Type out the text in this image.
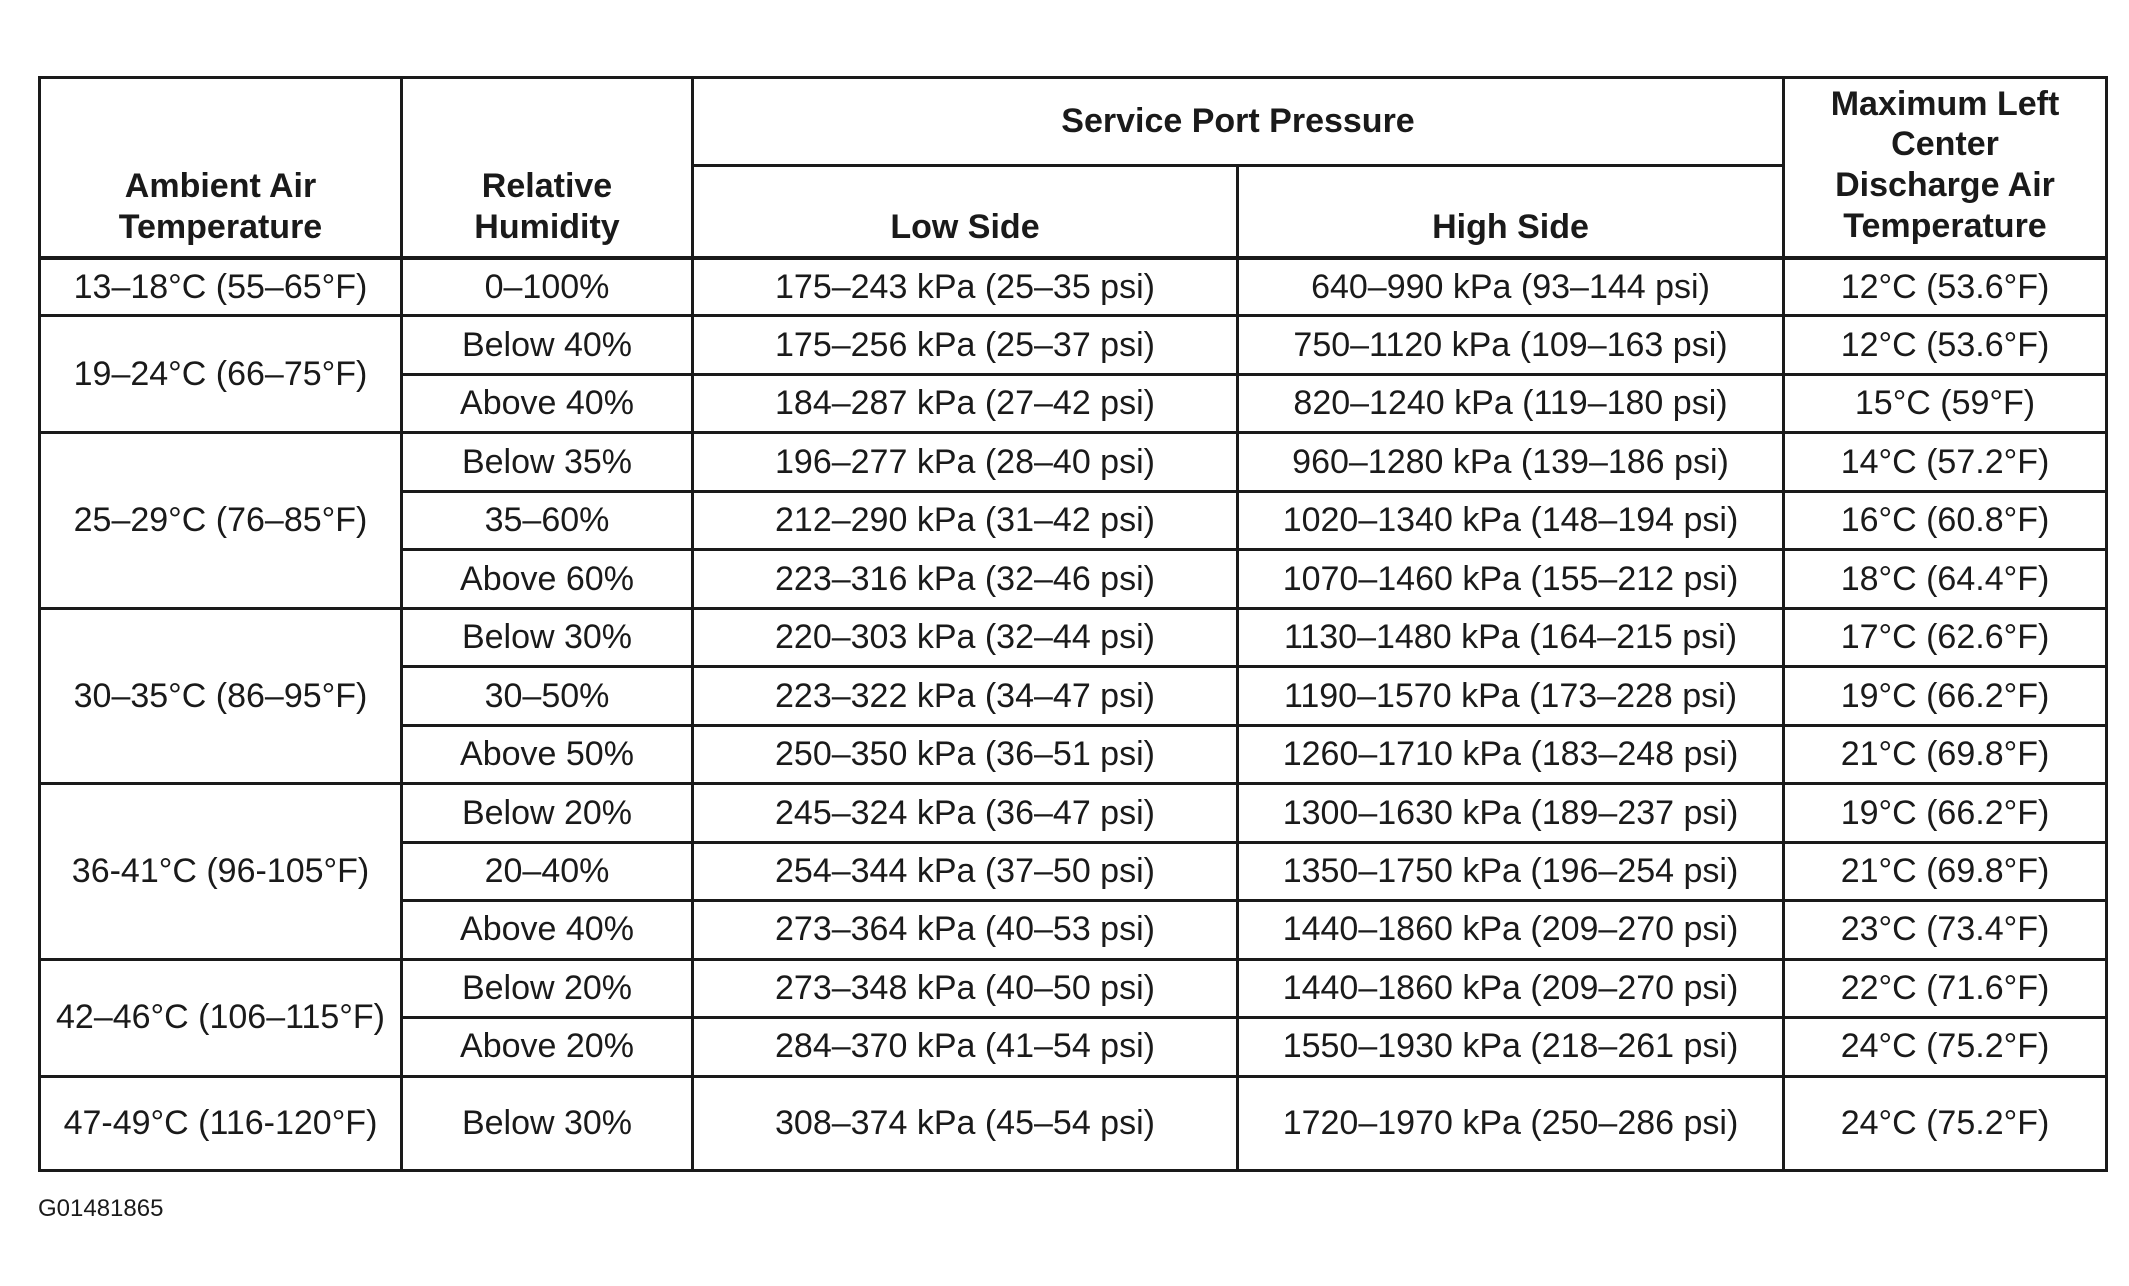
Ambient Air Temperature	Relative Humidity	Service Port Pressure		Maximum Left Center Discharge Air Temperature
		Low Side	High Side	
13–18°C (55–65°F)	0–100%	175–243 kPa (25–35 psi)	640–990 kPa (93–144 psi)	12°C (53.6°F)
19–24°C (66–75°F)	Below 40%	175–256 kPa (25–37 psi)	750–1120 kPa (109–163 psi)	12°C (53.6°F)
	Above 40%	184–287 kPa (27–42 psi)	820–1240 kPa (119–180 psi)	15°C (59°F)
25–29°C (76–85°F)	Below 35%	196–277 kPa (28–40 psi)	960–1280 kPa (139–186 psi)	14°C (57.2°F)
	35–60%	212–290 kPa (31–42 psi)	1020–1340 kPa (148–194 psi)	16°C (60.8°F)
	Above 60%	223–316 kPa (32–46 psi)	1070–1460 kPa (155–212 psi)	18°C (64.4°F)
30–35°C (86–95°F)	Below 30%	220–303 kPa (32–44 psi)	1130–1480 kPa (164–215 psi)	17°C (62.6°F)
	30–50%	223–322 kPa (34–47 psi)	1190–1570 kPa (173–228 psi)	19°C (66.2°F)
	Above 50%	250–350 kPa (36–51 psi)	1260–1710 kPa (183–248 psi)	21°C (69.8°F)
36-41°C (96-105°F)	Below 20%	245–324 kPa (36–47 psi)	1300–1630 kPa (189–237 psi)	19°C (66.2°F)
	20–40%	254–344 kPa (37–50 psi)	1350–1750 kPa (196–254 psi)	21°C (69.8°F)
	Above 40%	273–364 kPa (40–53 psi)	1440–1860 kPa (209–270 psi)	23°C (73.4°F)
42–46°C (106–115°F)	Below 20%	273–348 kPa (40–50 psi)	1440–1860 kPa (209–270 psi)	22°C (71.6°F)
	Above 20%	284–370 kPa (41–54 psi)	1550–1930 kPa (218–261 psi)	24°C (75.2°F)
47-49°C (116-120°F)	Below 30%	308–374 kPa (45–54 psi)	1720–1970 kPa (250–286 psi)	24°C (75.2°F)
G01481865
